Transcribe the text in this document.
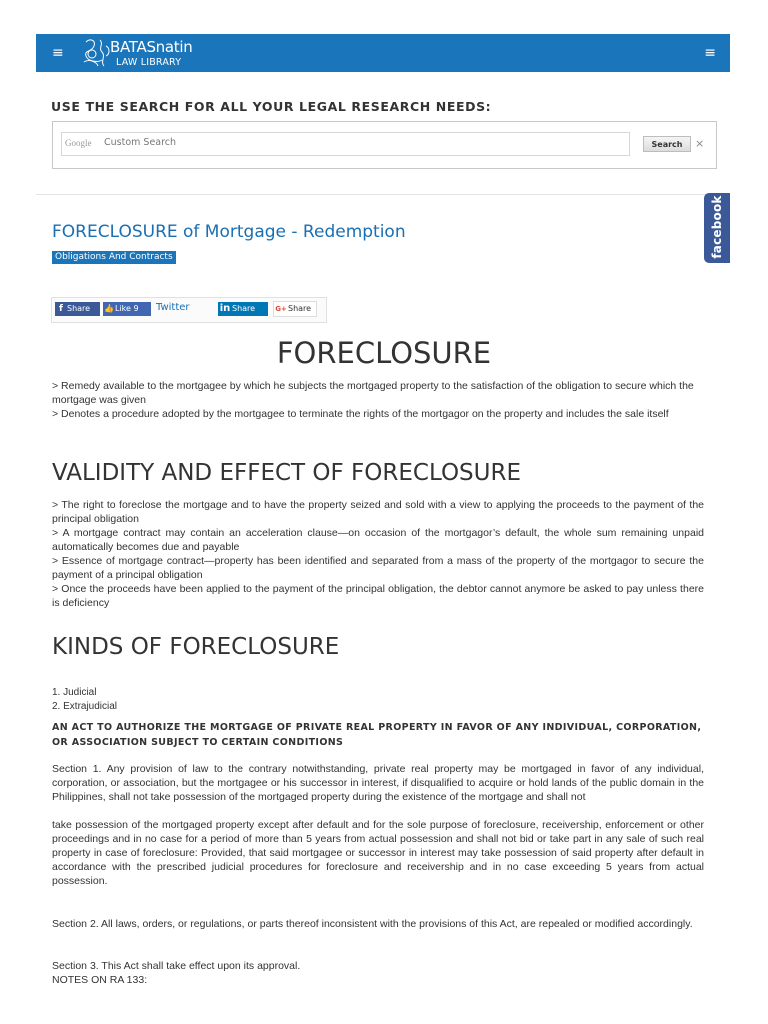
≡	BATASnatin
LAW LIBRARY
≡
USE THE SEARCH FOR ALL YOUR LEGAL RESEARCH NEEDS:
Google Custom Search	Search	×
facebook
FORECLOSURE of Mortgage - Redemption
Obligations And Contracts
f Share	👍Like 9	Twitter	in Share	G+Share
FORECLOSURE

> Remedy available to the mortgagee by which he subjects the mortgaged property to the satisfaction of the obligation to secure which the mortgage was given

> Denotes a procedure adopted by the mortgagee to terminate the rights of the mortgagor on the property and includes the sale itself

VALIDITY AND EFFECT OF FORECLOSURE

> The right to foreclose the mortgage and to have the property seized and sold with a view to applying the proceeds to the payment of the principal obligation

> A mortgage contract may contain an acceleration clause—on occasion of the mortgagor’s default, the whole sum remaining unpaid automatically becomes due and payable

> Essence of mortgage contract—property has been identified and separated from a mass of the property of the mortgagor to secure the payment of a principal obligation

> Once the proceeds have been applied to the payment of the principal obligation, the debtor cannot anymore be asked to pay unless there is deficiency

KINDS OF FORECLOSURE

1. Judicial

2. Extrajudicial

AN ACT TO AUTHORIZE THE MORTGAGE OF PRIVATE REAL PROPERTY IN FAVOR OF ANY INDIVIDUAL, CORPORATION, OR ASSOCIATION SUBJECT TO CERTAIN CONDITIONS

Section 1. Any provision of law to the contrary notwithstanding, private real property may be mortgaged in favor of any individual, corporation, or association, but the mortgagee or his successor in interest, if disqualified to acquire or hold lands of the public domain in the Philippines, shall not take possession of the mortgaged property during the existence of the mortgage and shall not

take possession of the mortgaged property except after default and for the sole purpose of foreclosure, receivership, enforcement or other proceedings and in no case for a period of more than 5 years from actual possession and shall not bid or take part in any sale of such real property in case of foreclosure: Provided, that said mortgagee or successor in interest may take possession of said property after default in accordance with the prescribed judicial procedures for foreclosure and receivership and in no case exceeding 5 years from actual possession.

Section 2. All laws, orders, or regulations, or parts thereof inconsistent with the provisions of this Act, are repealed or modified accordingly.

Section 3. This Act shall take effect upon its approval.

NOTES ON RA 133:
